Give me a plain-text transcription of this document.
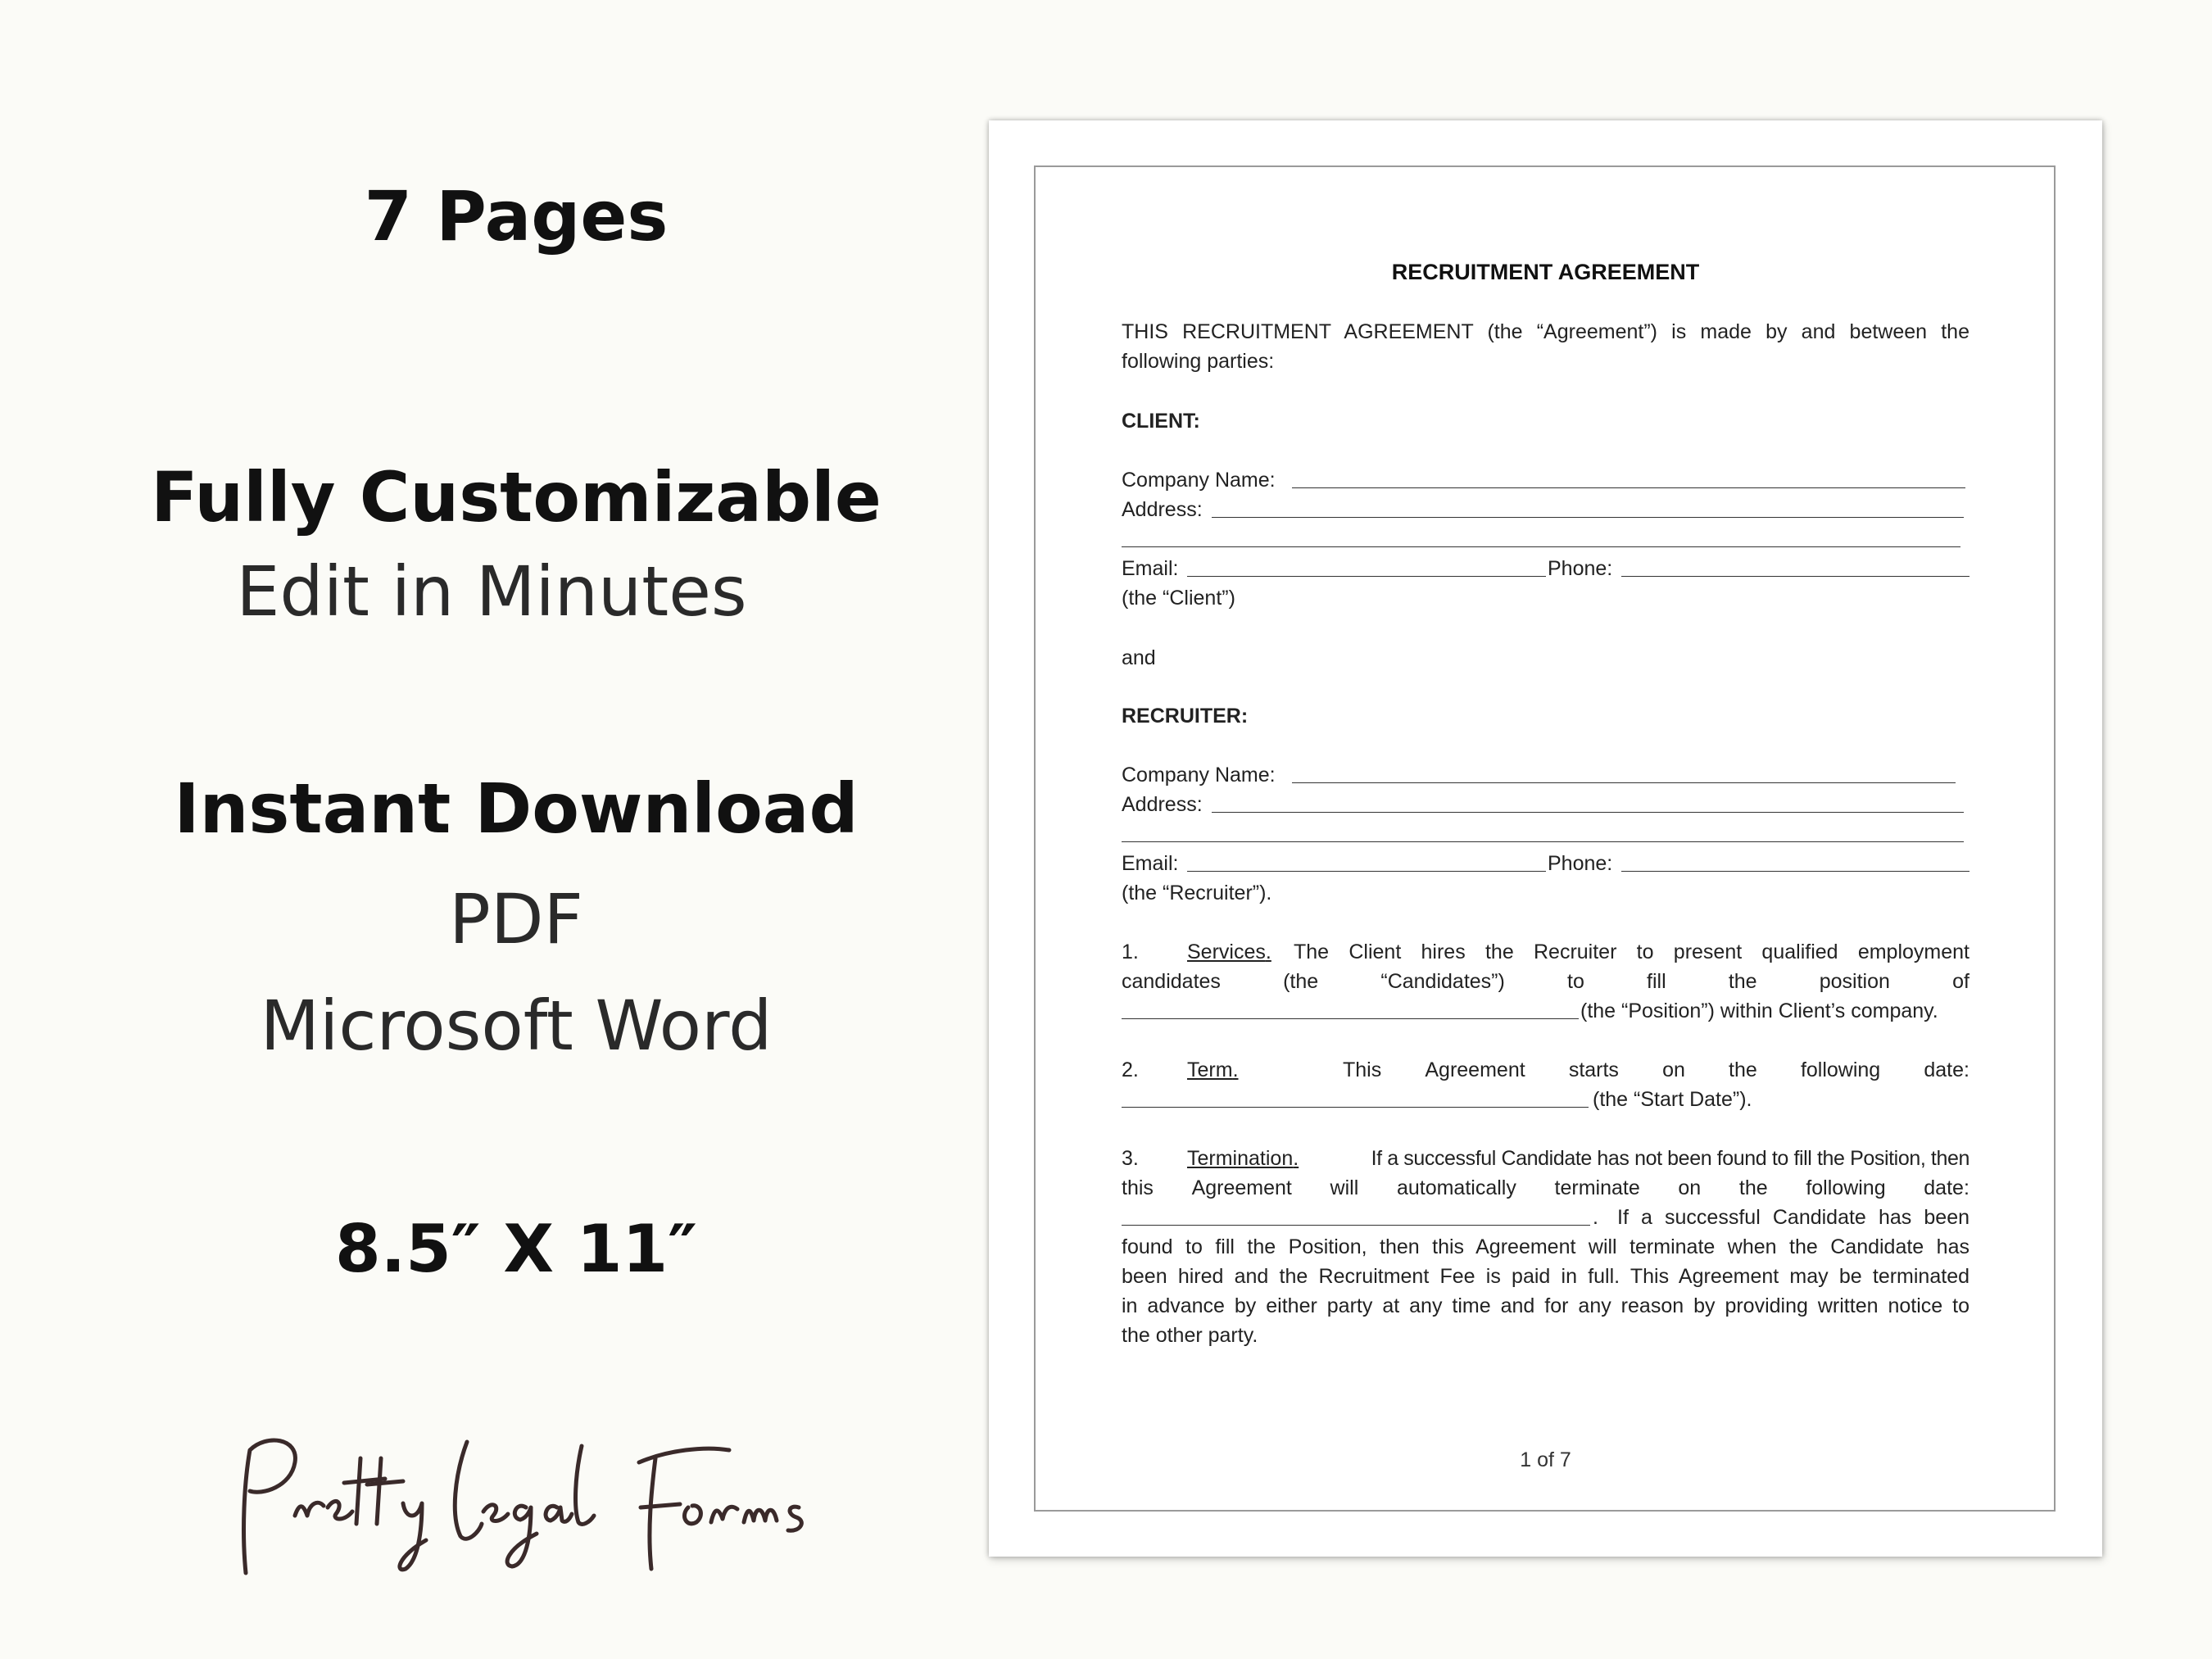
7 Pages
Fully Customizable
Edit in Minutes
Instant Download
PDF
Microsoft Word
8.5″ X 11″
RECRUITMENT AGREEMENT
THIS RECRUITMENT AGREEMENT (the “Agreement”) is made by and between the
following parties:
CLIENT:
Company Name:
Address:
Email:	Phone:
(the “Client”)
and
RECRUITER:
Company Name:
Address:
Email:	Phone:
(the “Recruiter”).
1. Services. The Client hires the Recruiter to present qualified employment
candidates	(the	“Candidates”)	to	fill	the	position	of
(the “Position”) within Client’s company.
2. Term.	This Agreement starts on the following date:
(the “Start Date”).
3. Termination.	If a successful Candidate has not been found to fill the Position, then
this Agreement will automatically terminate on the following date:
. If a successful Candidate has been
found to fill the Position, then this Agreement will terminate when the Candidate has
been hired and the Recruitment Fee is paid in full. This Agreement may be terminated
in advance by either party at any time and for any reason by providing written notice to
the other party.
1 of 7
